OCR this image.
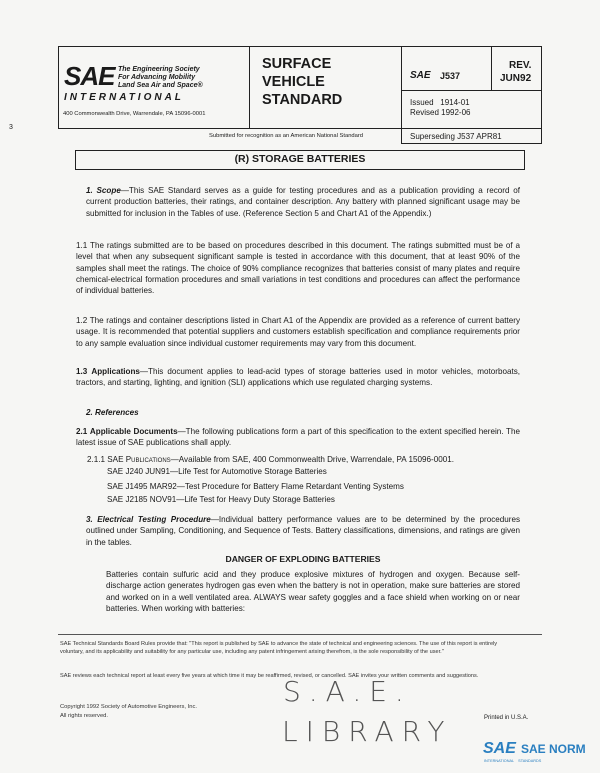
SAE The Engineering Society
For Advancing Mobility
Land Sea Air and Space®
INTERNATIONAL
400 Commonwealth Drive, Warrendale, PA 15096-0001
SURFACE
VEHICLE
STANDARD
SAE J537
REV.
JUN92
Issued   1914-01
Revised 1992-06
Submitted for recognition as an American National Standard	Superseding J537 APR81
(R) STORAGE BATTERIES
3
1. Scope—This SAE Standard serves as a guide for testing procedures and as a publication providing a record of current production batteries, their ratings, and container description. Any battery with planned significant usage may be submitted for inclusion in the Tables of use. (Reference Section 5 and Chart A1 of the Appendix.)
1.1 The ratings submitted are to be based on procedures described in this document. The ratings submitted must be of a level that when any subsequent significant sample is tested in accordance with this document, that at least 90% of the samples shall meet the ratings. The choice of 90% compliance recognizes that batteries consist of many plates and require chemical-electrical formation procedures and small variations in test conditions and procedures can affect the performance of individual batteries.
1.2 The ratings and container descriptions listed in Chart A1 of the Appendix are provided as a reference of current battery usage. It is recommended that potential suppliers and customers establish specification and compliance requirements prior to any sample evaluation since individual customer requirements may vary from this document.
1.3 Applications—This document applies to lead-acid types of storage batteries used in motor vehicles, motorboats, tractors, and starting, lighting, and ignition (SLI) applications which use regulated charging systems.
2. References
2.1 Applicable Documents—The following publications form a part of this specification to the extent specified herein. The latest issue of SAE publications shall apply.
2.1.1 SAE Publications—Available from SAE, 400 Commonwealth Drive, Warrendale, PA 15096-0001.
SAE J240 JUN91—Life Test for Automotive Storage Batteries
SAE J1495 MAR92—Test Procedure for Battery Flame Retardant Venting Systems
SAE J2185 NOV91—Life Test for Heavy Duty Storage Batteries
3. Electrical Testing Procedure—Individual battery performance values are to be determined by the procedures outlined under Sampling, Conditioning, and Sequence of Tests. Battery classifications, dimensions, and ratings are given in the tables.
DANGER OF EXPLODING BATTERIES
Batteries contain sulfuric acid and they produce explosive mixtures of hydrogen and oxygen. Because self-discharge action generates hydrogen gas even when the battery is not in operation, make sure batteries are stored and worked on in a well ventilated area. ALWAYS wear safety goggles and a face shield when working on or near batteries. When working with batteries:
SAE Technical Standards Board Rules provide that: "This report is published by SAE to advance the state of technical and engineering sciences. The use of this report is entirely voluntary, and its applicability and suitability for any particular use, including any patent infringement arising therefrom, is the sole responsibility of the user."
SAE reviews each technical report at least every five years at which time it may be reaffirmed, revised, or cancelled. SAE invites your written comments and suggestions.
Copyright 1992 Society of Automotive Engineers, Inc.
All rights reserved.	Printed in U.S.A.
S.A.E.
LIBRARY
SAE SAE NORM
INTERNATIONAL    STANDARDS
